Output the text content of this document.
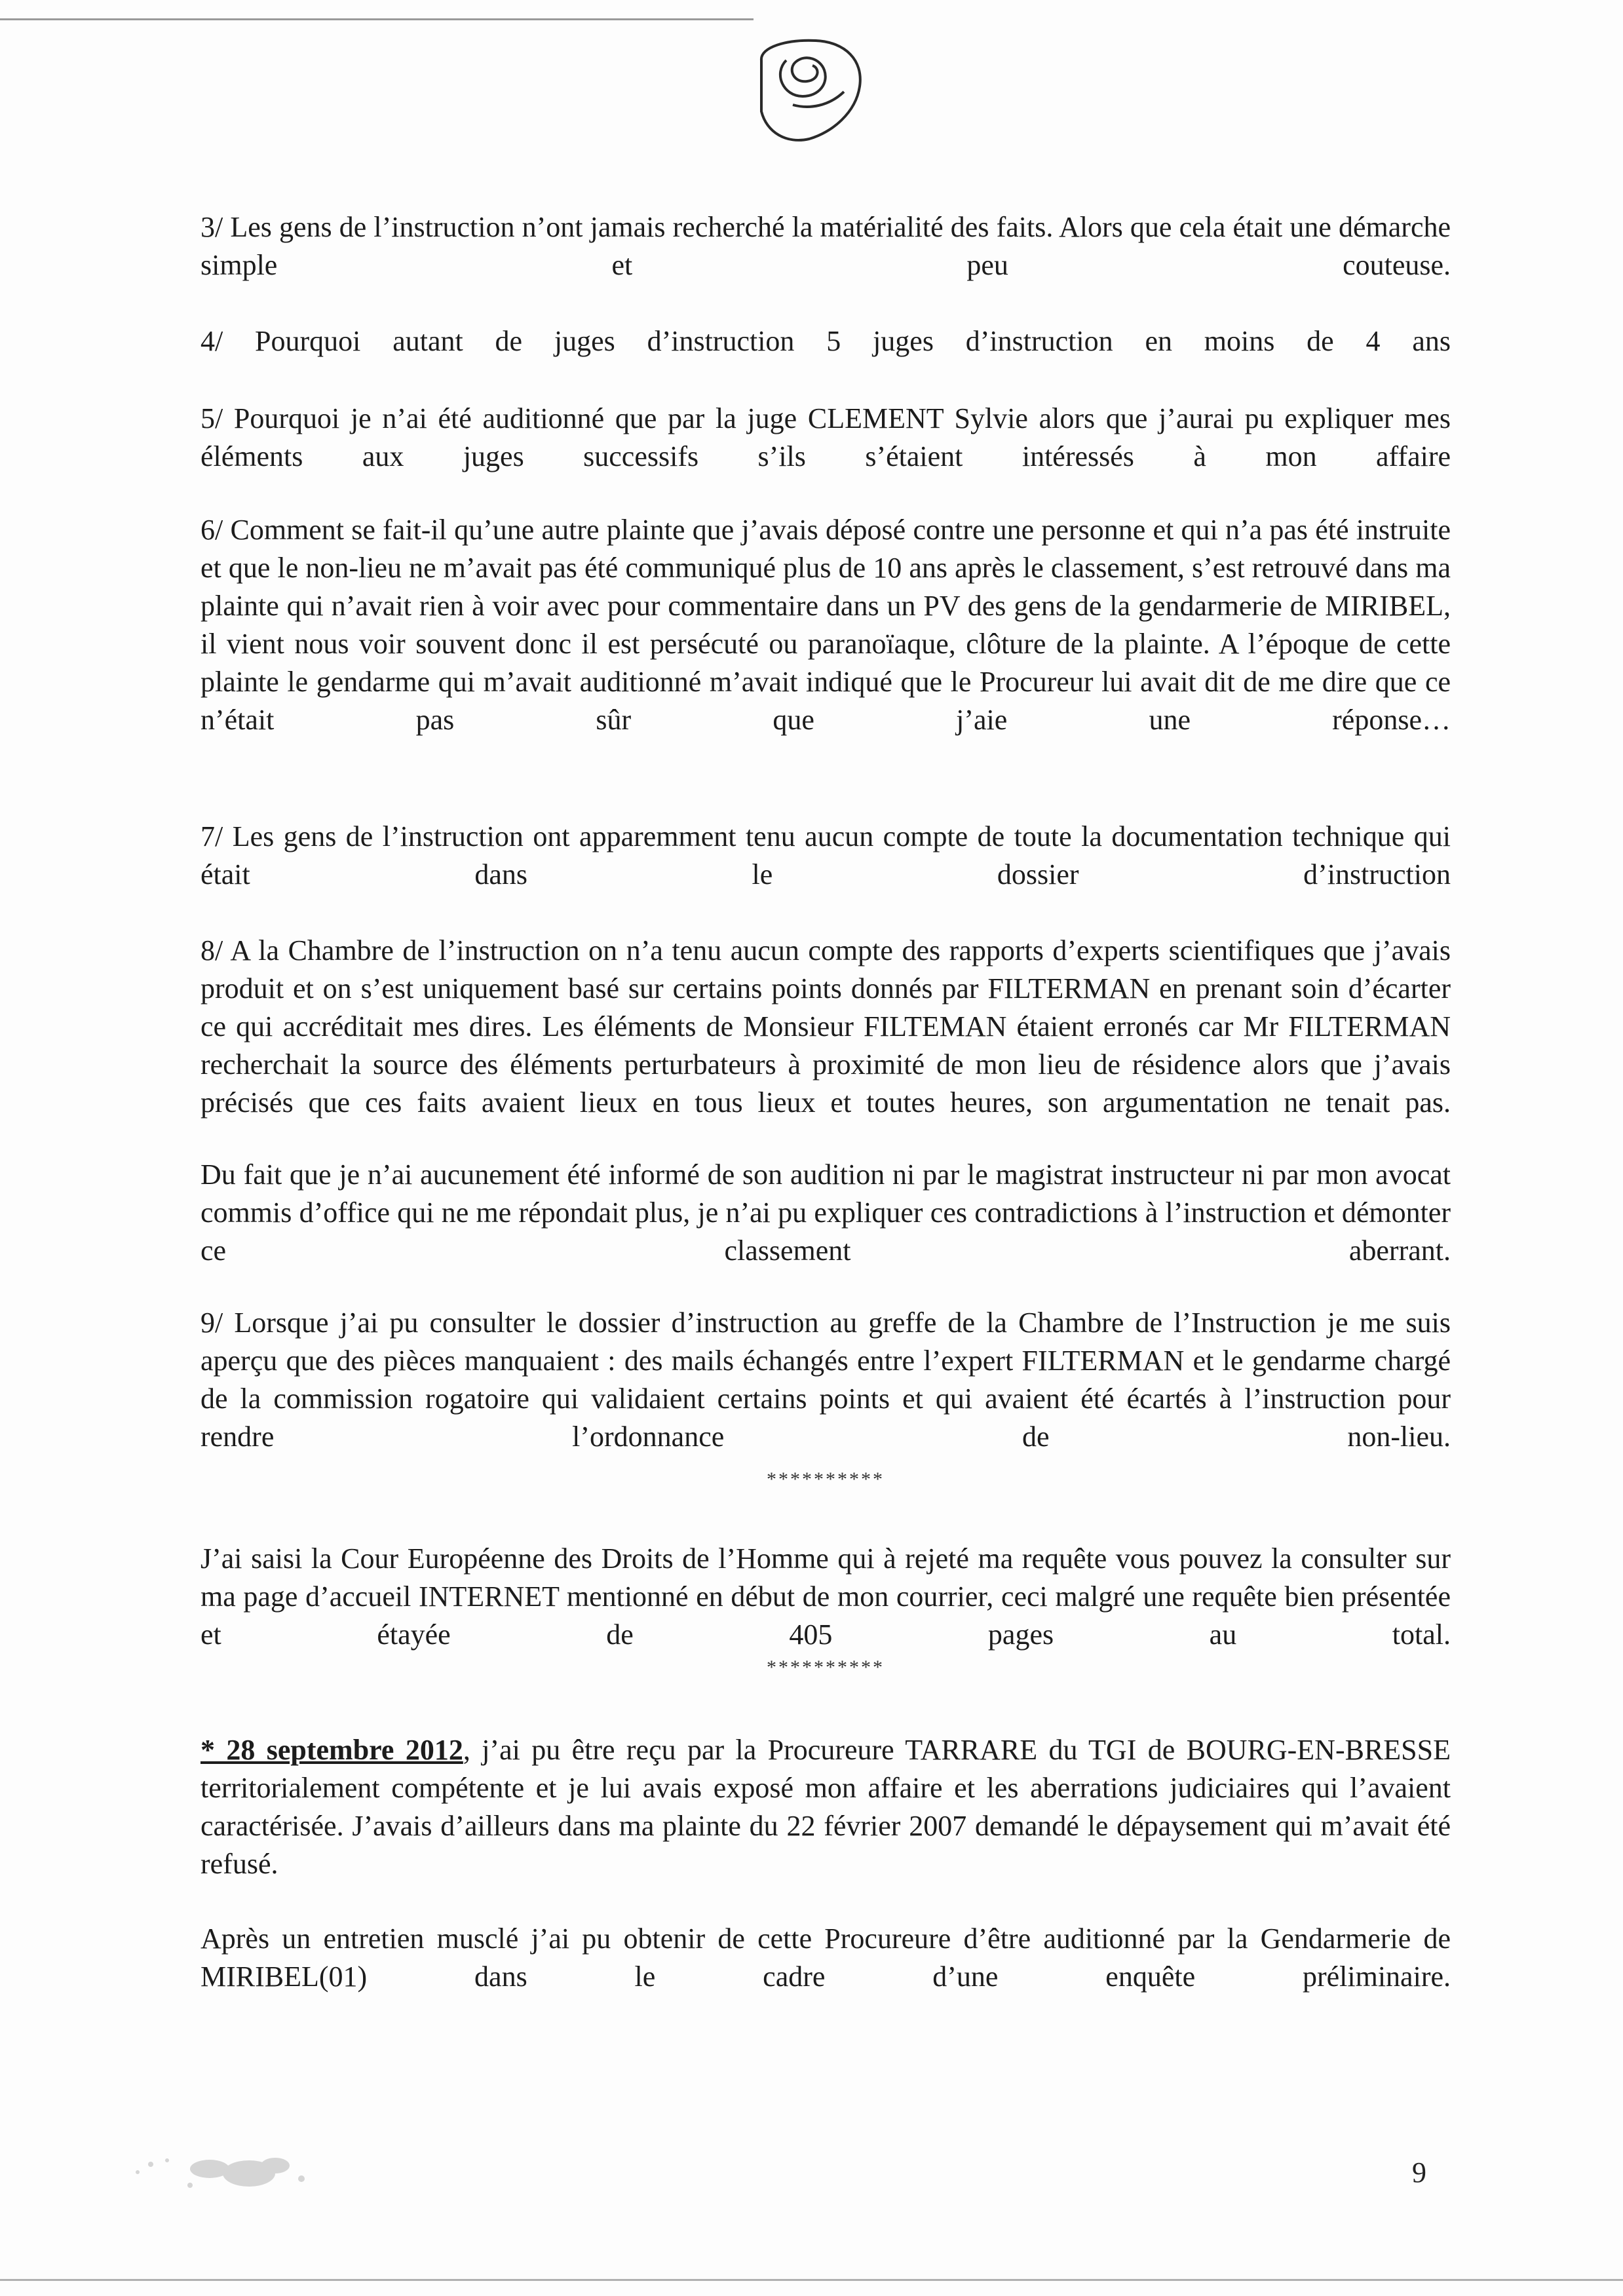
3/ Les gens de l’instruction n’ont jamais recherché la matérialité des faits. Alors que cela était une démarche simple et peu couteuse.

4/ Pourquoi autant de juges d’instruction 5 juges d’instruction en moins de 4 ans

5/ Pourquoi je n’ai été auditionné que par la juge CLEMENT Sylvie alors que j’aurai pu expliquer mes éléments aux juges successifs s’ils s’étaient intéressés à mon affaire

6/ Comment se fait-il qu’une autre plainte que j’avais déposé contre une personne et qui n’a pas été instruite et que le non-lieu ne m’avait pas été communiqué plus de 10 ans après le classement, s’est retrouvé dans ma plainte qui n’avait rien à voir avec pour commentaire dans un PV des gens de la gendarmerie de MIRIBEL, il vient nous voir souvent donc il est persécuté ou paranoïaque, clôture de la plainte. A l’époque de cette plainte le gendarme qui m’avait auditionné m’avait indiqué que le Procureur lui avait dit de me dire que ce n’était pas sûr que j’aie une réponse…

7/ Les gens de l’instruction ont apparemment tenu aucun compte de toute la documentation technique qui était dans le dossier d’instruction

8/ A la Chambre de l’instruction on n’a tenu aucun compte des rapports d’experts scientifiques que j’avais produit et on s’est uniquement basé sur certains points donnés par FILTERMAN en prenant soin d’écarter ce qui accréditait mes dires. Les éléments de Monsieur FILTEMAN étaient erronés car Mr FILTERMAN recherchait la source des éléments perturbateurs à proximité de mon lieu de résidence alors que j’avais précisés que ces faits avaient lieux en tous lieux et toutes heures, son argumentation ne tenait pas.

Du fait que je n’ai aucunement été informé de son audition ni par le magistrat instructeur ni par mon avocat commis d’office qui ne me répondait plus, je n’ai pu expliquer ces contradictions à l’instruction et démonter ce classement aberrant.

9/ Lorsque j’ai pu consulter le dossier d’instruction au greffe de la Chambre de l’Instruction je me suis aperçu que des pièces manquaient : des mails échangés entre l’expert FILTERMAN et le gendarme chargé de la commission rogatoire qui validaient certains points et qui avaient été écartés à l’instruction pour rendre l’ordonnance de non-lieu.

**********

J’ai saisi la Cour Européenne des Droits de l’Homme qui à rejeté ma requête vous pouvez la consulter sur ma page d’accueil INTERNET mentionné en début de mon courrier, ceci malgré une requête bien présentée et étayée de 405 pages au total.

**********

* 28 septembre 2012, j’ai pu être reçu par la Procureure TARRARE du TGI de BOURG-EN-BRESSE territorialement compétente et je lui avais exposé mon affaire et les aberrations judiciaires qui l’avaient caractérisée. J’avais d’ailleurs dans ma plainte du 22 février 2007 demandé le dépaysement qui m’avait été refusé.

Après un entretien musclé j’ai pu obtenir de cette Procureure d’être auditionné par la Gendarmerie de MIRIBEL(01) dans le cadre d’une enquête préliminaire.

9
